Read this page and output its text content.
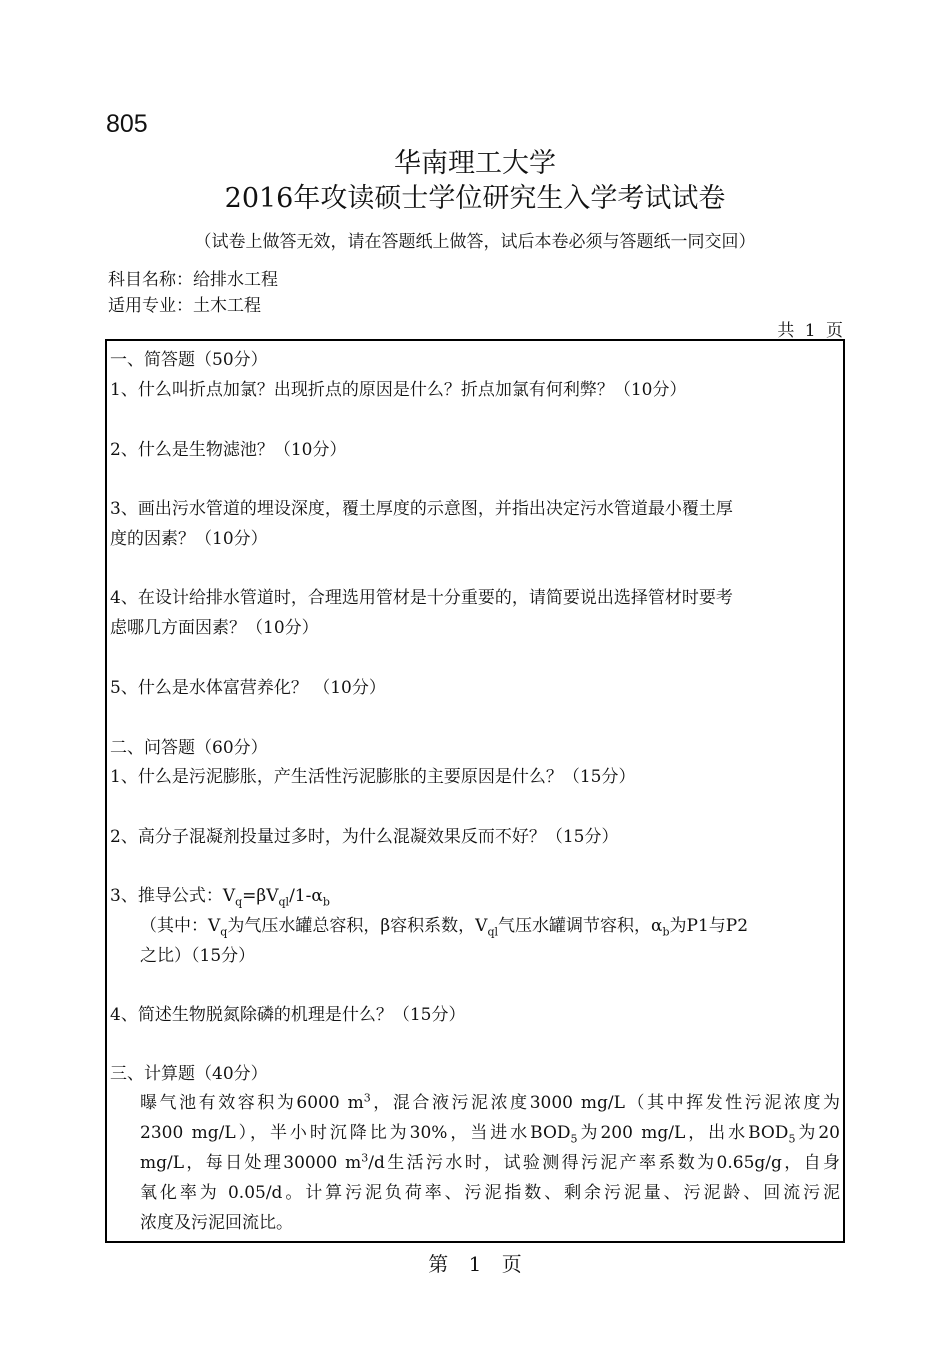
805
华南理工大学
2016年攻读硕士学位研究生入学考试试卷
（试卷上做答无效，请在答题纸上做答，试后本卷必须与答题纸一同交回）
科目名称：给排水工程
适用专业：土木工程
共 1 页
一、简答题（50分）
1、什么叫折点加氯？出现折点的原因是什么？折点加氯有何利弊？（10分）
2、什么是生物滤池？（10分）
3、画出污水管道的埋设深度，覆土厚度的示意图，并指出决定污水管道最小覆土厚
度的因素？（10分）
4、在设计给排水管道时，合理选用管材是十分重要的，请简要说出选择管材时要考
虑哪几方面因素？（10分）
5、什么是水体富营养化？ （10分）
二、问答题（60分）
1、什么是污泥膨胀，产生活性污泥膨胀的主要原因是什么？（15分）
2、高分子混凝剂投量过多时，为什么混凝效果反而不好？（15分）
3、推导公式：$V_q=\beta V_{ql}/1-\alpha_b$
（其中：$V_q$为气压水罐总容积，β容积系数，$V_{ql}$气压水罐调节容积，$\alpha_b$为P1与P2
之比）（15分）
4、简述生物脱氮除磷的机理是什么？（15分）
三、计算题（40分）
曝气池有效容积为6000 $m^3$，混合液污泥浓度3000 mg/L（其中挥发性污泥浓度为
2300 mg/L），半小时沉降比为30%，当进水$BOD_5$为200 mg/L，出水$BOD_5$为20
mg/L，每日处理30000 $m^3/d$生活污水时，试验测得污泥产率系数为0.65g/g，自身
氧化率为 0.05/d。计算污泥负荷率、污泥指数、剩余污泥量、污泥龄、回流污泥
浓度及污泥回流比。
第 1 页
